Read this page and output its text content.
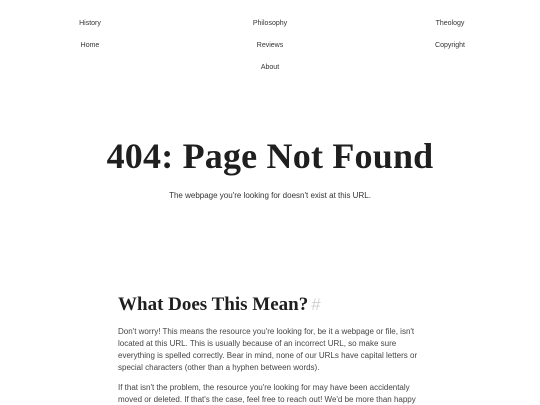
History	Philosophy	Theology
Home	Reviews	Copyright
About
404: Page Not Found

The webpage you're looking for doesn't exist at this URL.

What Does This Mean? #

Don't worry! This means the resource you're looking for, be it a webpage or file, isn't located at this URL. This is usually because of an incorrect URL, so make sure everything is spelled correctly. Bear in mind, none of our URLs have capital letters or special characters (other than a hyphen between words).

If that isn't the problem, the resource you're looking for may have been accidentaly moved or deleted. If that's the case, feel free to reach out! We'd be more than happy
